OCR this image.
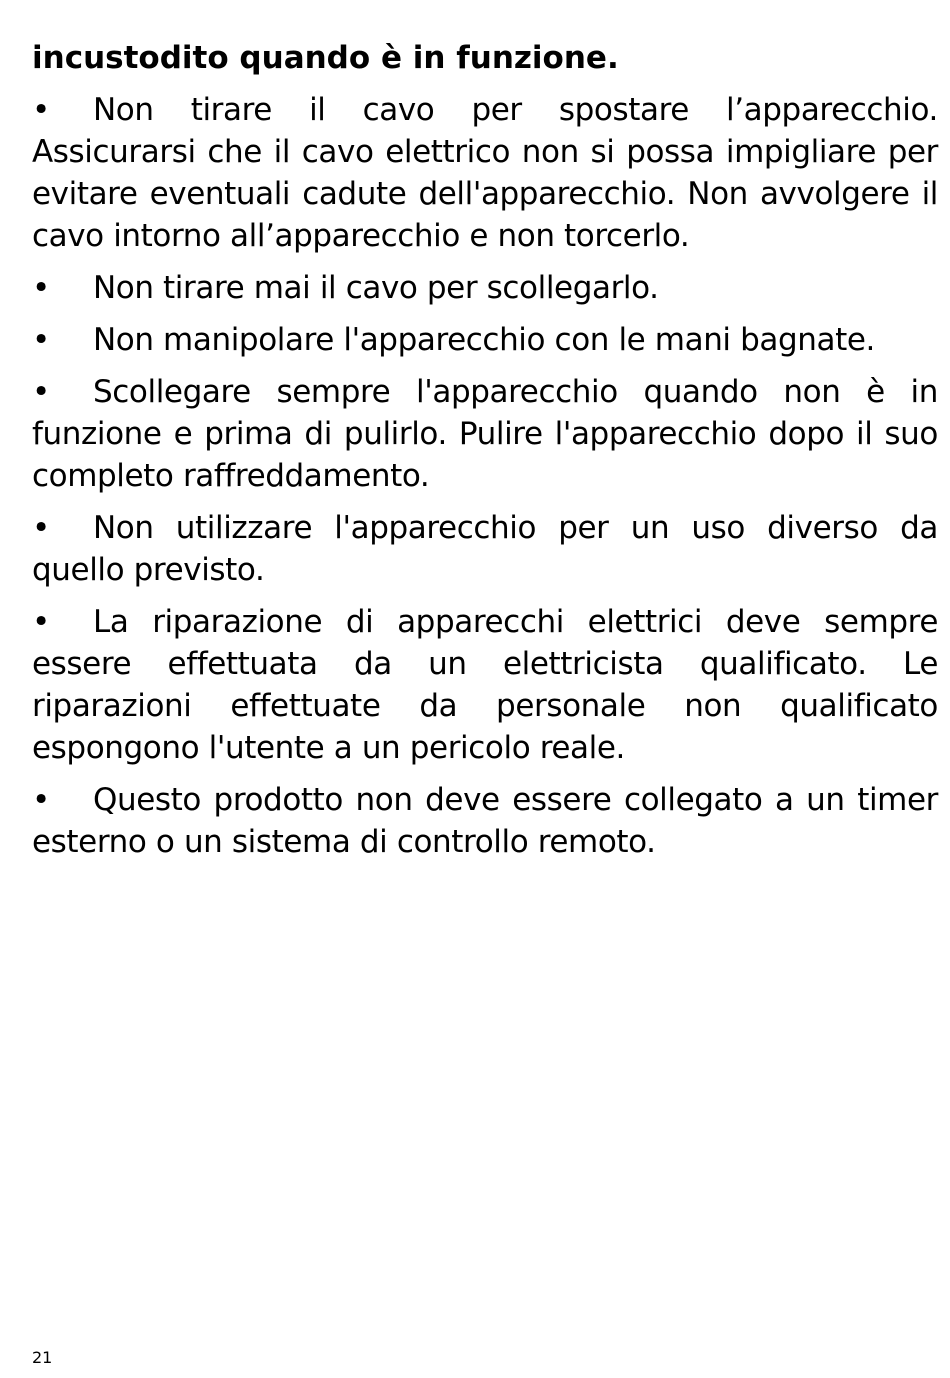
incustodito quando è in funzione.

• Non tirare il cavo per spostare l’apparecchio. Assicurarsi che il cavo elettrico non si possa impigliare per evitare eventuali cadute dell'apparecchio. Non avvolgere il cavo intorno all’apparecchio e non torcerlo.

• Non tirare mai il cavo per scollegarlo.

• Non manipolare l'apparecchio con le mani bagnate.

• Scollegare sempre l'apparecchio quando non è in funzione e prima di pulirlo. Pulire l'apparecchio dopo il suo completo raffreddamento.

• Non utilizzare l'apparecchio per un uso diverso da quello previsto.

• La riparazione di apparecchi elettrici deve sempre essere effettuata da un elettricista qualificato. Le riparazioni effettuate da personale non qualificato espongono l'utente a un pericolo reale.

• Questo prodotto non deve essere collegato a un timer esterno o un sistema di controllo remoto.

21
